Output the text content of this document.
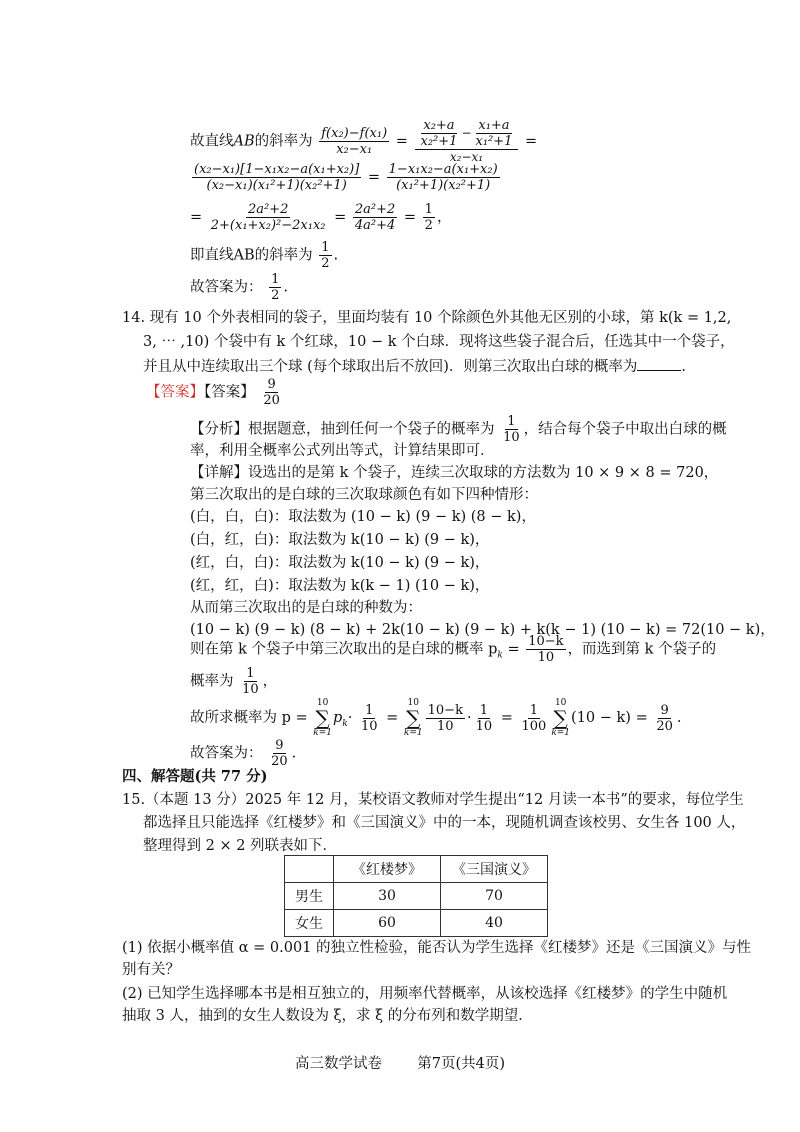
故直线AB的斜率为 $\frac{\text{f(x₂)−f(x₁)}}{\text{x₂−x₁}} = \frac{\frac{\text{x₂+a}}{\text{x₂²+1}} - \frac{\text{x₁+a}}{\text{x₁²+1}}}{\text{x₂−x₁}}$ =
$\frac{\text{(x₂−x₁)[1−x₁x₂−a(x₁+x₂)]}}{\text{(x₂−x₁)(x₁²+1)(x₂²+1)}} = \frac{\text{1−x₁x₂−a(x₁+x₂)}}{\text{(x₁²+1)(x₂²+1)}}$
= $\frac{\text{2a²+2}}{\text{2+(x₁+x₂)²−2x₁x₂}} = \frac{\text{2a²+2}}{\text{4a²+4}} = \frac{1}{2}$ ，
即直线AB的斜率为 $\frac{1}{2}$ .
故答案为： $\frac{1}{2}$ .
14. 现有 10 个外表相同的袋子，里面均装有 10 个除颜色外其他无区别的小球，第 k(k = 1,2,
3, ⋯ ,10) 个袋中有 k 个红球，10 − k 个白球．现将这些袋子混合后，任选其中一个袋子，
并且从中连续取出三个球 (每个球取出后不放回)．则第三次取出白球的概率为	.
【答案】【答案】 $\frac{9}{20}$
【分析】根据题意，抽到任何一个袋子的概率为 $\frac{1}{10}$ ，结合每个袋子中取出白球的概
率，利用全概率公式列出等式，计算结果即可．
【详解】设选出的是第 k 个袋子，连续三次取球的方法数为 10 × 9 × 8 = 720，
第三次取出的是白球的三次取球颜色有如下四种情形：
(白，白，白)：取法数为 (10 − k) (9 − k) (8 − k)，
(白，红，白)：取法数为 k(10 − k) (9 − k)，
(红，白，白)：取法数为 k(10 − k) (9 − k)，
(红，红，白)：取法数为 k(k − 1) (10 − k)，
从而第三次取出的是白球的种数为：
(10 − k) (9 − k) (8 − k) + 2k(10 − k) (9 − k) + k(k − 1) (10 − k) = 72(10 − k)，
则在第 k 个袋子中第三次取出的是白球的概率 $p_k = \frac{10-k}{10}$ ，而选到第 k 个袋子的
概率为 $\frac{1}{10}$ ，
故所求概率为 p =
10
∑
k=1
$p_k\cdot \frac{1}{10}$ =
10
∑
$k=1 \frac{10-k}{10} \cdot \frac{1}{10} = \frac{1}{100} 10$
∑
k=1
$(10 - k) = \frac{9}{20}$ .
故答案为： $\frac{9}{20}$ .
四、解答题(共 77 分)
15.（本题 13 分）2025 年 12 月，某校语文教师对学生提出“12 月读一本书”的要求，每位学生
都选择且只能选择《红楼梦》和《三国演义》中的一本，现随机调查该校男、女生各 100 人，
整理得到 2 × 2 列联表如下．
	《红楼梦》	《三国演义》
男生	30	70
女生	60	40
(1) 依据小概率值 α = 0.001 的独立性检验，能否认为学生选择《红楼梦》还是《三国演义》与性
别有关？
(2) 已知学生选择哪本书是相互独立的，用频率代替概率，从该校选择《红楼梦》的学生中随机
抽取 3 人，抽到的女生人数设为 ξ，求 ξ 的分布列和数学期望．
高三数学试卷 第7页(共4页)
